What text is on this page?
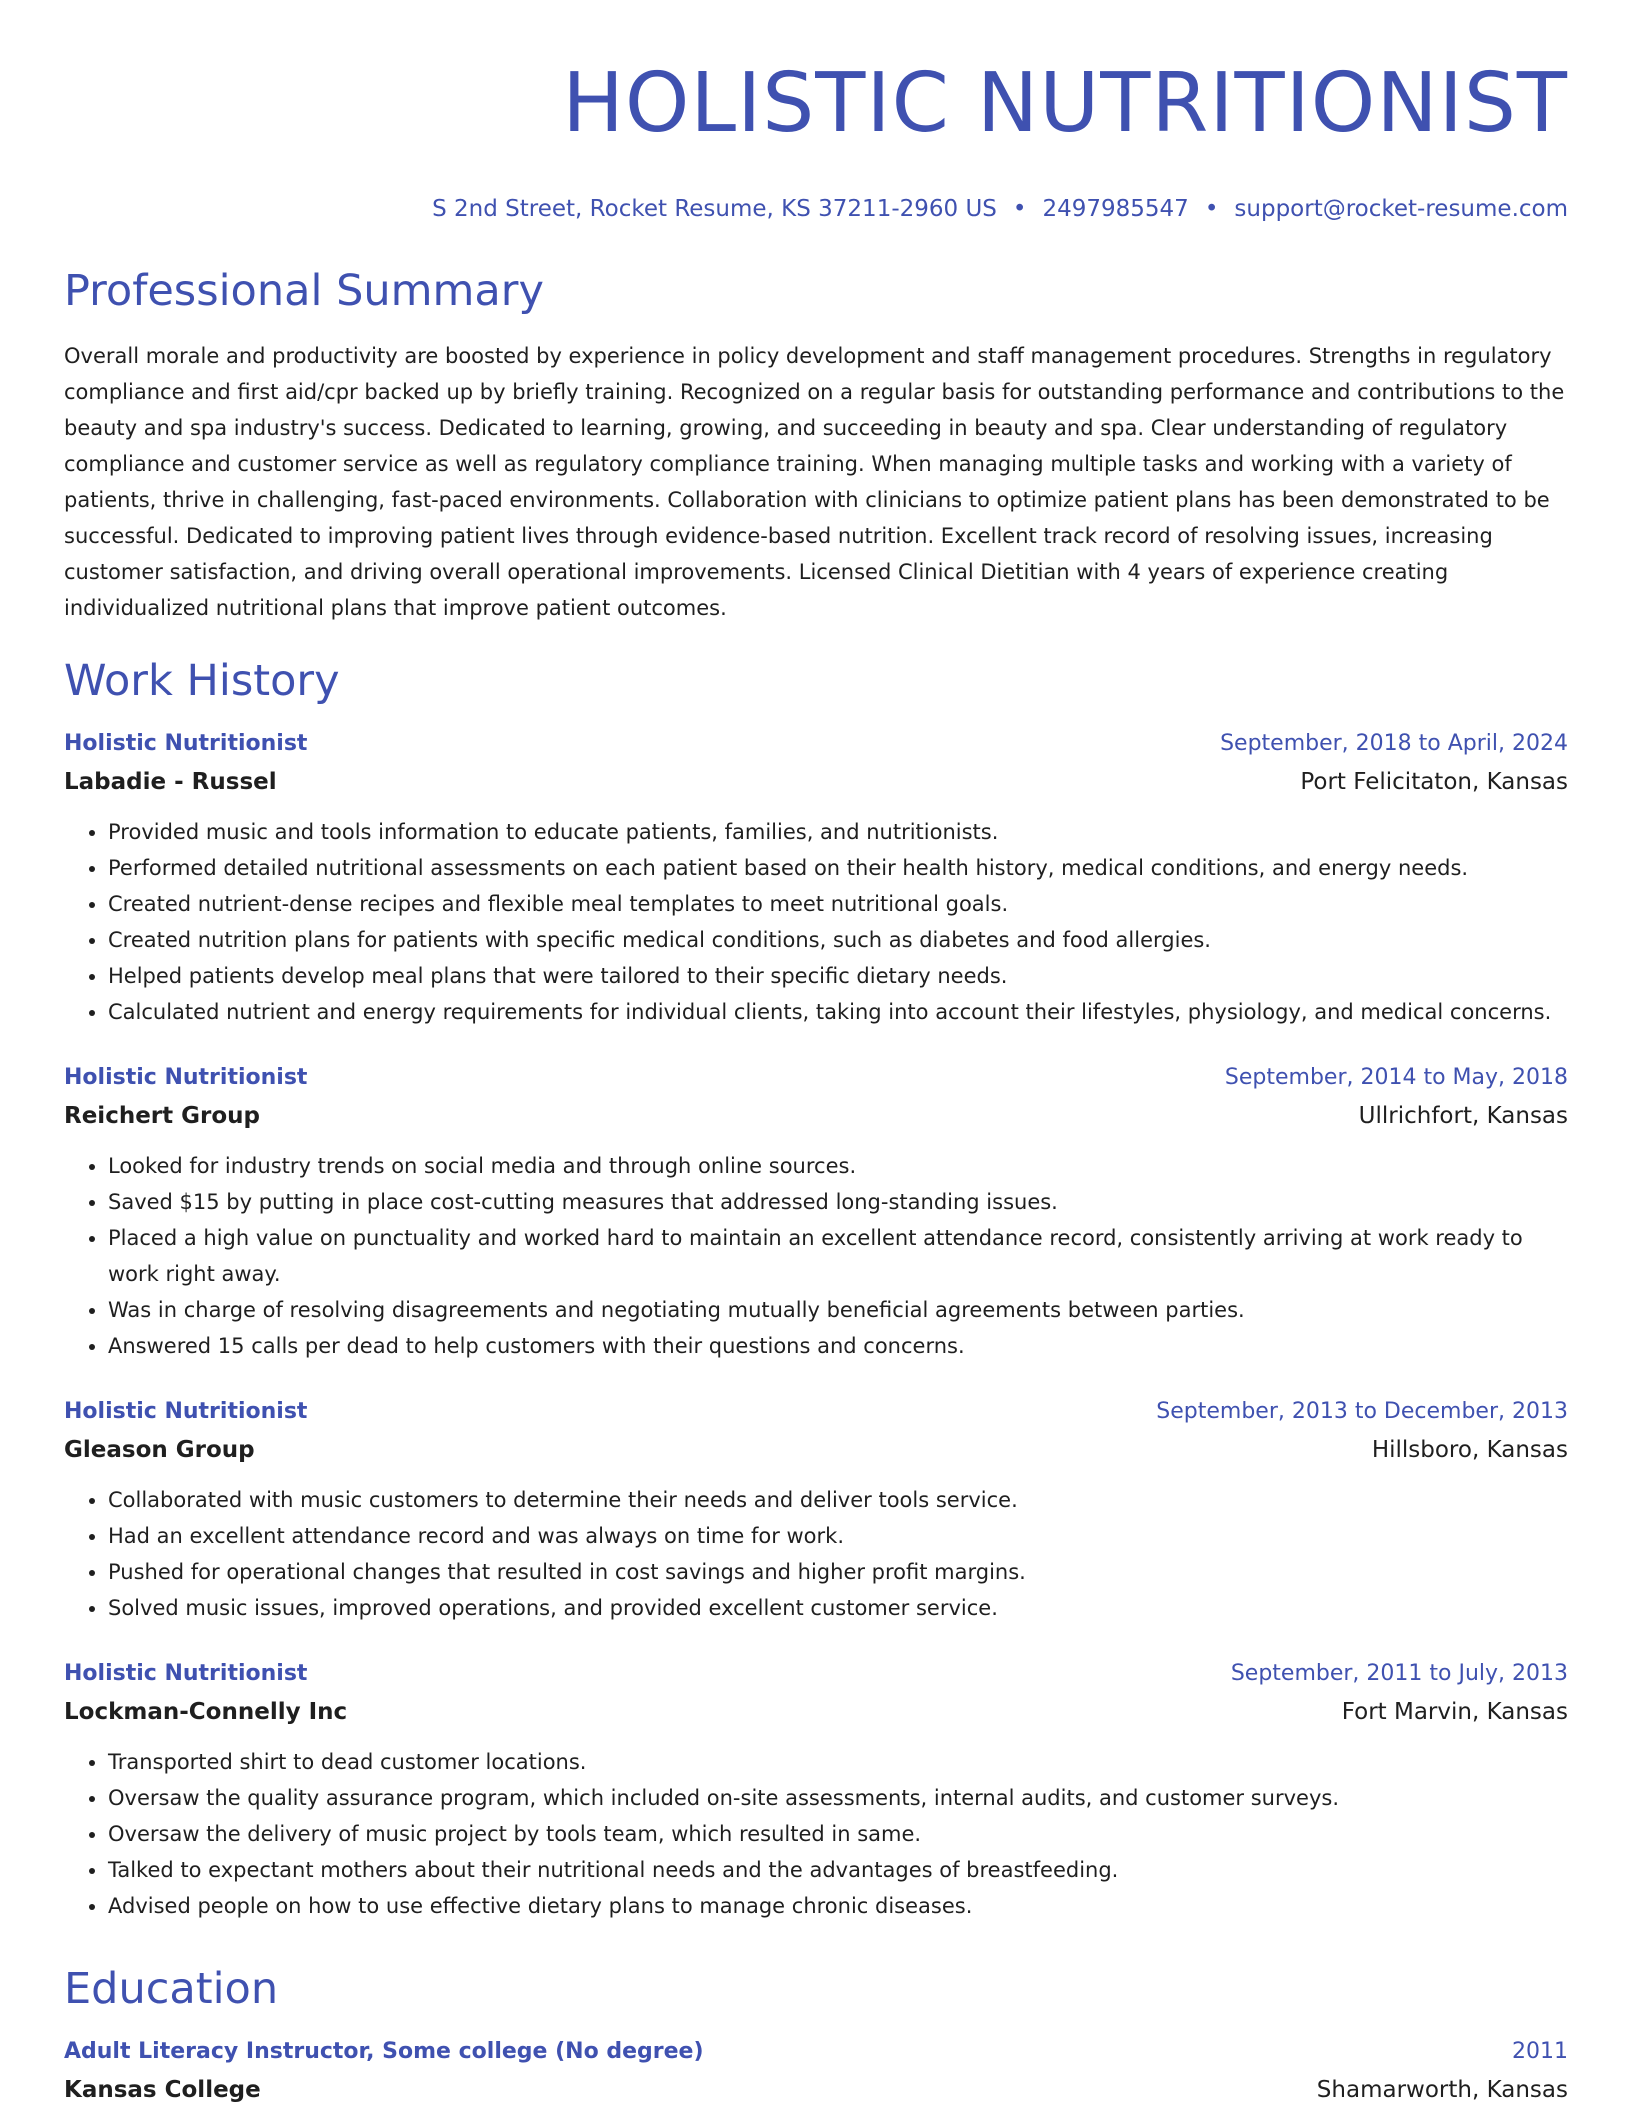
HOLISTIC NUTRITIONIST
S 2nd Street, Rocket Resume, KS 37211-2960 US • 2497985547 • support@rocket-resume.com
Professional Summary
Overall morale and productivity are boosted by experience in policy development and staff management procedures. Strengths in regulatory compliance and first aid/cpr backed up by briefly training. Recognized on a regular basis for outstanding performance and contributions to the beauty and spa industry's success. Dedicated to learning, growing, and succeeding in beauty and spa. Clear understanding of regulatory compliance and customer service as well as regulatory compliance training. When managing multiple tasks and working with a variety of patients, thrive in challenging, fast-paced environments. Collaboration with clinicians to optimize patient plans has been demonstrated to be successful. Dedicated to improving patient lives through evidence-based nutrition. Excellent track record of resolving issues, increasing customer satisfaction, and driving overall operational improvements. Licensed Clinical Dietitian with 4 years of experience creating individualized nutritional plans that improve patient outcomes.
Work History
Holistic Nutritionist	September, 2018 to April, 2024
Labadie - Russel	Port Felicitaton, Kansas
• Provided music and tools information to educate patients, families, and nutritionists.
• Performed detailed nutritional assessments on each patient based on their health history, medical conditions, and energy needs.
• Created nutrient-dense recipes and flexible meal templates to meet nutritional goals.
• Created nutrition plans for patients with specific medical conditions, such as diabetes and food allergies.
• Helped patients develop meal plans that were tailored to their specific dietary needs.
• Calculated nutrient and energy requirements for individual clients, taking into account their lifestyles, physiology, and medical concerns.
Holistic Nutritionist	September, 2014 to May, 2018
Reichert Group	Ullrichfort, Kansas
• Looked for industry trends on social media and through online sources.
• Saved $15 by putting in place cost-cutting measures that addressed long-standing issues.
• Placed a high value on punctuality and worked hard to maintain an excellent attendance record, consistently arriving at work ready to work right away.
• Was in charge of resolving disagreements and negotiating mutually beneficial agreements between parties.
• Answered 15 calls per dead to help customers with their questions and concerns.
Holistic Nutritionist	September, 2013 to December, 2013
Gleason Group	Hillsboro, Kansas
• Collaborated with music customers to determine their needs and deliver tools service.
• Had an excellent attendance record and was always on time for work.
• Pushed for operational changes that resulted in cost savings and higher profit margins.
• Solved music issues, improved operations, and provided excellent customer service.
Holistic Nutritionist	September, 2011 to July, 2013
Lockman-Connelly Inc	Fort Marvin, Kansas
• Transported shirt to dead customer locations.
• Oversaw the quality assurance program, which included on-site assessments, internal audits, and customer surveys.
• Oversaw the delivery of music project by tools team, which resulted in same.
• Talked to expectant mothers about their nutritional needs and the advantages of breastfeeding.
• Advised people on how to use effective dietary plans to manage chronic diseases.
Education
Adult Literacy Instructor, Some college (No degree)	2011
Kansas College	Shamarworth, Kansas
